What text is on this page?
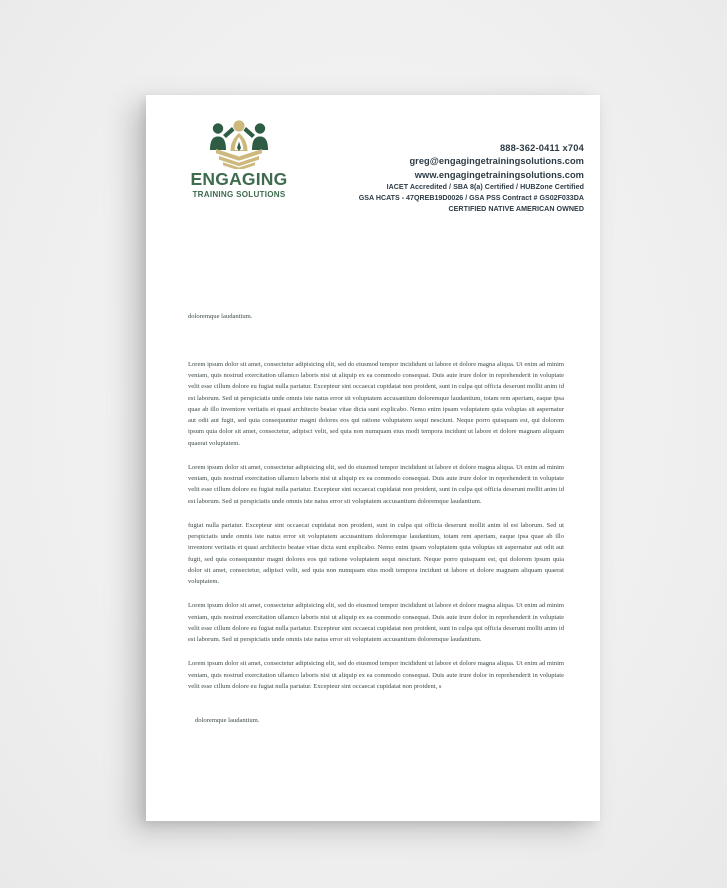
ENGAGING
TRAINING SOLUTIONS
888-362-0411 x704
greg@engagingetrainingsolutions.com
www.engagingetrainingsolutions.com
IACET Accredited / SBA 8(a) Certified / HUBZone Certified
GSA HCATS - 47QREB19D0026 / GSA PSS Contract # GS02F033DA
CERTIFIED NATIVE AMERICAN OWNED
doloremque laudantium.

Lorem ipsum dolor sit amet, consectetur adipisicing elit, sed do eiusmod tempor incididunt ut labore et dolore magna aliqua. Ut enim ad minim veniam, quis nostrud exercitation ullamco laboris nisi ut aliquip ex ea commodo consequat. Duis aute irure dolor in reprehenderit in voluptate velit esse cillum dolore eu fugiat nulla pariatur. Excepteur sint occaecat cupidatat non proident, sunt in culpa qui officia deserunt mollit anim id est laborum. Sed ut perspiciatis unde omnis iste natus error sit voluptatem accusantium doloremque laudantium, totam rem aperiam, eaque ipsa quae ab illo inventore veritatis et quasi architecto beatae vitae dicta sunt explicabo. Nemo enim ipsam voluptatem quia voluptas sit aspernatur aut odit aut fugit, sed quia consequuntur magni dolores eos qui ratione voluptatem sequi nesciunt. Neque porro quisquam est, qui dolorem ipsum quia dolor sit amet, consectetur, adipisci velit, sed quia non numquam eius modi tempora incidunt ut labore et dolore magnam aliquam quaerat voluptatem.

Lorem ipsum dolor sit amet, consectetur adipisicing elit, sed do eiusmod tempor incididunt ut labore et dolore magna aliqua. Ut enim ad minim veniam, quis nostrud exercitation ullamco laboris nisi ut aliquip ex ea commodo consequat. Duis aute irure dolor in reprehenderit in voluptate velit esse cillum dolore eu fugiat nulla pariatur. Excepteur sint occaecat cupidatat non proident, sunt in culpa qui officia deserunt mollit anim id est laborum. Sed ut perspiciatis unde omnis iste natus error sit voluptatem accusantium doloremque laudantium.

fugiat nulla pariatur. Excepteur sint occaecat cupidatat non proident, sunt in culpa qui officia deserunt mollit anim id est laborum. Sed ut perspiciatis unde omnis iste natus error sit voluptatem accusantium doloremque laudantium, totam rem aperiam, eaque ipsa quae ab illo inventore veritatis et quasi architecto beatae vitae dicta sunt explicabo. Nemo enim ipsam voluptatem quia voluptas sit aspernatur aut odit aut fugit, sed quia consequuntur magni dolores eos qui ratione voluptatem sequi nesciunt. Neque porro quisquam est, qui dolorem ipsum quia dolor sit amet, consectetur, adipisci velit, sed quia non numquam eius modi tempora incidunt ut labore et dolore magnam aliquam quaerat voluptatem.

Lorem ipsum dolor sit amet, consectetur adipisicing elit, sed do eiusmod tempor incididunt ut labore et dolore magna aliqua. Ut enim ad minim veniam, quis nostrud exercitation ullamco laboris nisi ut aliquip ex ea commodo consequat. Duis aute irure dolor in reprehenderit in voluptate velit esse cillum dolore eu fugiat nulla pariatur. Excepteur sint occaecat cupidatat non proident, sunt in culpa qui officia deserunt mollit anim id est laborum. Sed ut perspiciatis unde omnis iste natus error sit voluptatem accusantium doloremque laudantium.

Lorem ipsum dolor sit amet, consectetur adipisicing elit, sed do eiusmod tempor incididunt ut labore et dolore magna aliqua. Ut enim ad minim veniam, quis nostrud exercitation ullamco laboris nisi ut aliquip ex ea commodo consequat. Duis aute irure dolor in reprehenderit in voluptate velit esse cillum dolore eu fugiat nulla pariatur. Excepteur sint occaecat cupidatat non proident, s

doloremque laudantium.
